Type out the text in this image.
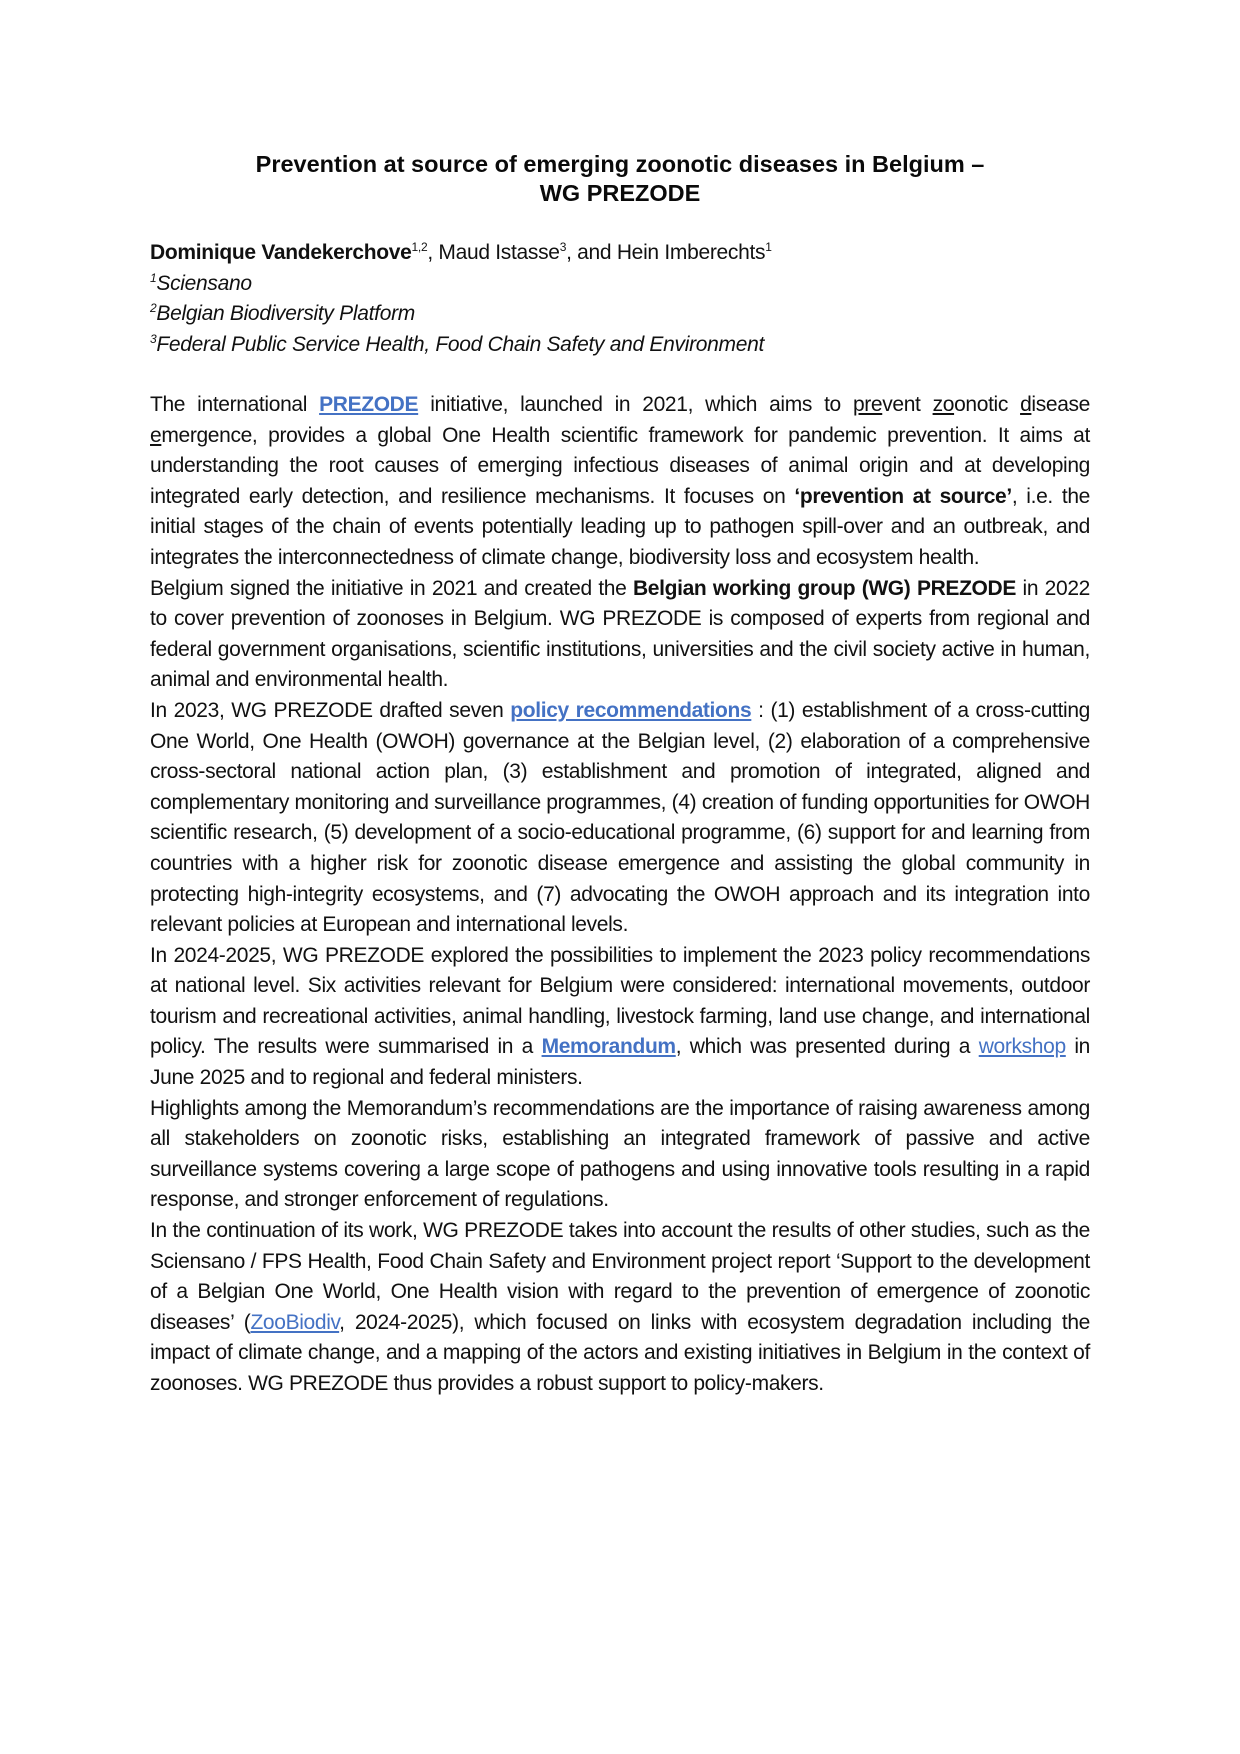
Prevention at source of emerging zoonotic diseases in Belgium –
WG PREZODE
Dominique Vandekerchove$^{1,2}$, Maud Istasse$^3$, and Hein Imberechts$^1$
$^1$Sciensano
$^2$Belgian Biodiversity Platform
$^3$Federal Public Service Health, Food Chain Safety and Environment

The international PREZODE initiative, launched in 2021, which aims to prevent zoonotic disease emergence, provides a global One Health scientific framework for pandemic prevention. It aims at understanding the root causes of emerging infectious diseases of animal origin and at developing integrated early detection, and resilience mechanisms. It focuses on ‘prevention at source’, i.e. the initial stages of the chain of events potentially leading up to pathogen spill-over and an outbreak, and integrates the interconnectedness of climate change, biodiversity loss and ecosystem health.

Belgium signed the initiative in 2021 and created the Belgian working group (WG) PREZODE in 2022 to cover prevention of zoonoses in Belgium. WG PREZODE is composed of experts from regional and federal government organisations, scientific institutions, universities and the civil society active in human, animal and environmental health.

In 2023, WG PREZODE drafted seven policy recommendations : (1) establishment of a cross-cutting One World, One Health (OWOH) governance at the Belgian level, (2) elaboration of a comprehensive cross-sectoral national action plan, (3) establishment and promotion of integrated, aligned and complementary monitoring and surveillance programmes, (4) creation of funding opportunities for OWOH scientific research, (5) development of a socio-educational programme, (6) support for and learning from countries with a higher risk for zoonotic disease emergence and assisting the global community in protecting high-integrity ecosystems, and (7) advocating the OWOH approach and its integration into relevant policies at European and international levels.

In 2024-2025, WG PREZODE explored the possibilities to implement the 2023 policy recommendations at national level. Six activities relevant for Belgium were considered: international movements, outdoor tourism and recreational activities, animal handling, livestock farming, land use change, and international policy. The results were summarised in a Memorandum, which was presented during a workshop in June 2025 and to regional and federal ministers.

Highlights among the Memorandum’s recommendations are the importance of raising awareness among all stakeholders on zoonotic risks, establishing an integrated framework of passive and active surveillance systems covering a large scope of pathogens and using innovative tools resulting in a rapid response, and stronger enforcement of regulations.

In the continuation of its work, WG PREZODE takes into account the results of other studies, such as the Sciensano / FPS Health, Food Chain Safety and Environment project report ‘Support to the development of a Belgian One World, One Health vision with regard to the prevention of emergence of zoonotic diseases’ (ZooBiodiv, 2024-2025), which focused on links with ecosystem degradation including the impact of climate change, and a mapping of the actors and existing initiatives in Belgium in the context of zoonoses. WG PREZODE thus provides a robust support to policy-makers.
